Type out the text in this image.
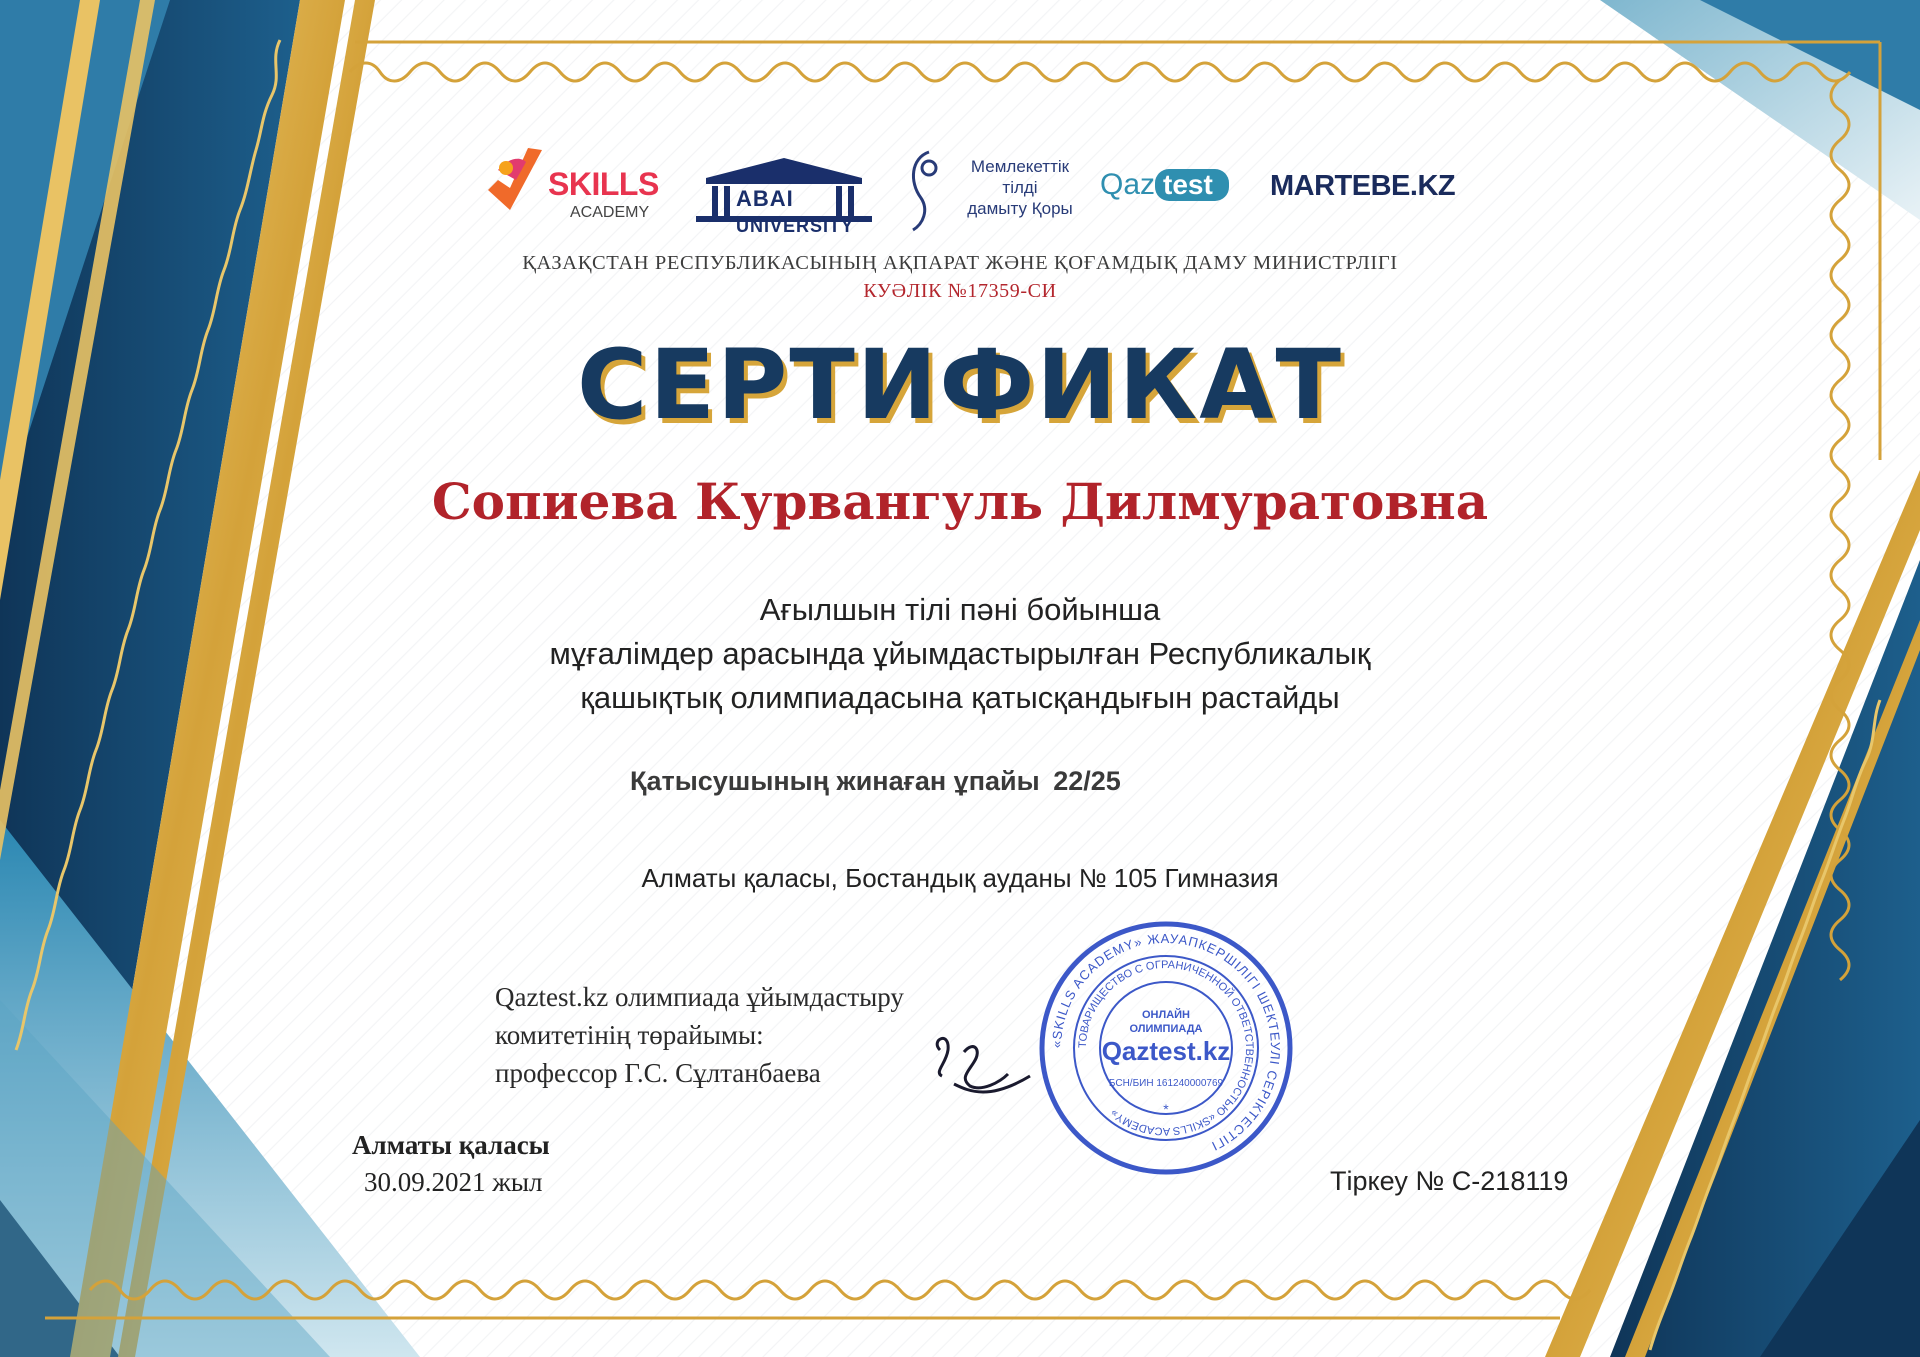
SKILLS
ACADEMY
ABAI UNIVERSITY
Мемлекеттік
тілді
дамыту Қоры
Qaz test	MARTEBE.KZ
ҚАЗАҚСТАН РЕСПУБЛИКАСЫНЫҢ АҚПАРАТ ЖӘНЕ ҚОҒАМДЫҚ ДАМУ МИНИСТРЛІГІ
КУӘЛІК №17359-СИ
СЕРТИФИКАТ
Сопиева Курвангуль Дилмуратовна
Ағылшын тілі пәні бойынша
мұғалімдер арасында ұйымдастырылған Республикалық
қашықтық олимпиадасына қатысқандығын растайды
Қатысушының жинаған ұпайы 22/25
Алматы қаласы, Бостандық ауданы № 105 Гимназия
Qaztest.kz олимпиада ұйымдастыру
комитетінің төрайымы:
профессор Г.С. Сұлтанбаева
«SKILLS ACADEMY» ЖАУАПКЕРШІЛІГІ ШЕКТЕУЛІ СЕРІКТЕСТІГІ
ТОВАРИЩЕСТВО С ОГРАНИЧЕННОЙ ОТВЕТСТВЕННОСТЬЮ «SKILLS ACADEMY»
ОНЛАЙН
ОЛИМПИАДА
Qaztest.kz
БСН/БИН 161240000769
*
Алматы қаласы
30.09.2021 жыл	Тіркеу № С-218119
